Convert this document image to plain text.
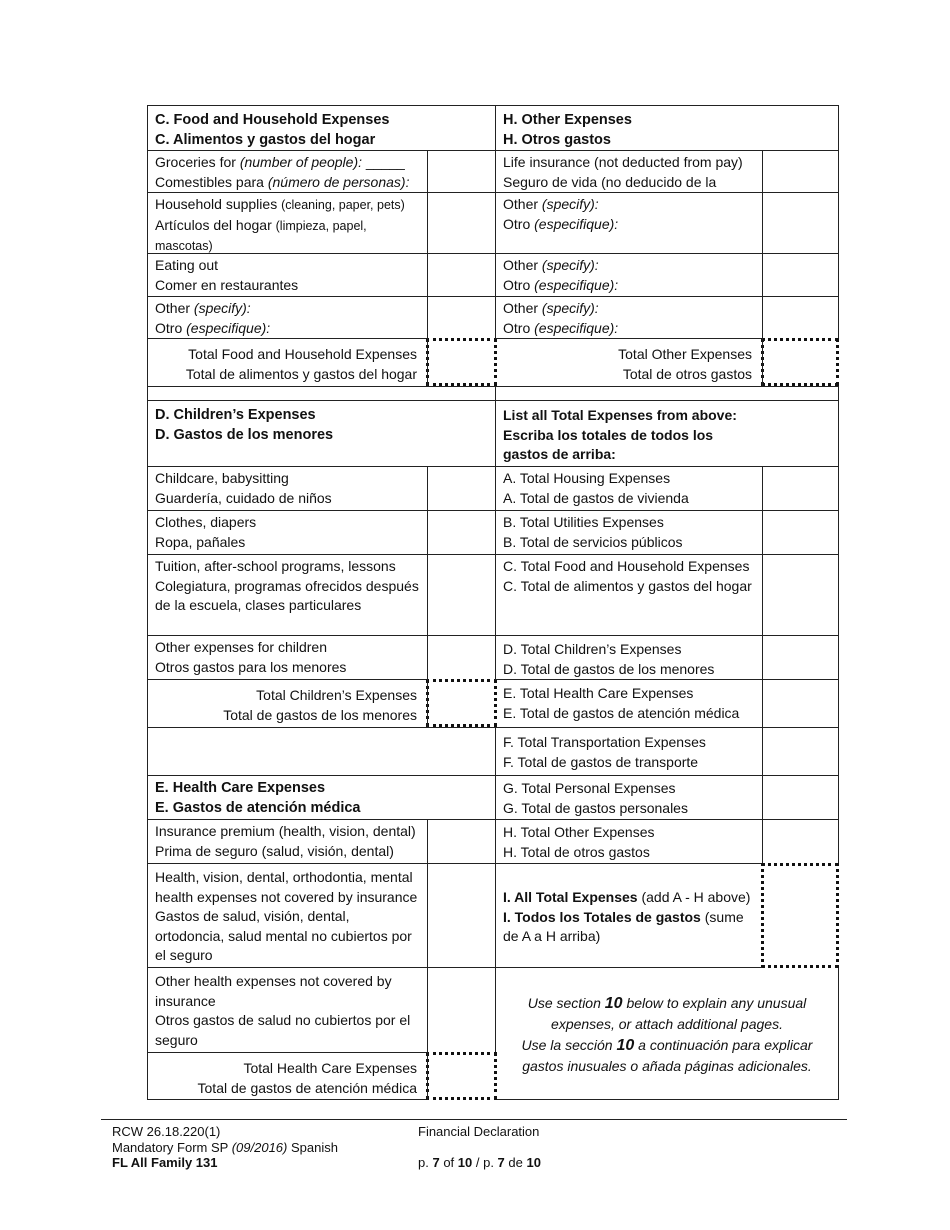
C. Food and Household Expenses
C. Alimentos y gastos del hogar
Groceries for (number of people): _____
Comestibles para (número de personas):
Household supplies (cleaning, paper, pets)
Artículos del hogar (limpieza, papel, mascotas)
Eating out
Comer en restaurantes
Other (specify):
Otro (especifique):
Total Food and Household Expenses
Total de alimentos y gastos del hogar
D. Children’s Expenses
D. Gastos de los menores
Childcare, babysitting
Guardería, cuidado de niños
Clothes, diapers
Ropa, pañales
Tuition, after-school programs, lessons
Colegiatura, programas ofrecidos después de la escuela, clases particulares
Other expenses for children
Otros gastos para los menores
Total Children’s Expenses
Total de gastos de los menores
E. Health Care Expenses
E. Gastos de atención médica
Insurance premium (health, vision, dental)
Prima de seguro (salud, visión, dental)
Health, vision, dental, orthodontia, mental health expenses not covered by insurance
Gastos de salud, visión, dental, ortodoncia, salud mental no cubiertos por el seguro
Other health expenses not covered by insurance
Otros gastos de salud no cubiertos por el seguro
Total Health Care Expenses
Total de gastos de atención médica
H. Other Expenses
H. Otros gastos
Life insurance (not deducted from pay)
Seguro de vida (no deducido de la
Other (specify):
Otro (especifique):
Other (specify):
Otro (especifique):
Other (specify):
Otro (especifique):
Total Other Expenses
Total de otros gastos
List all Total Expenses from above:
Escriba los totales de todos los gastos de arriba:
A. Total Housing Expenses
A. Total de gastos de vivienda
B. Total Utilities Expenses
B. Total de servicios públicos
C. Total Food and Household Expenses
C. Total de alimentos y gastos del hogar
D. Total Children’s Expenses
D. Total de gastos de los menores
E. Total Health Care Expenses
E. Total de gastos de atención médica
F. Total Transportation Expenses
F. Total de gastos de transporte
G. Total Personal Expenses
G. Total de gastos personales
H. Total Other Expenses
H. Total de otros gastos
I. All Total Expenses (add A - H above)
I. Todos los Totales de gastos (sume de A a H arriba)
Use section 10 below to explain any unusual expenses, or attach additional pages.
Use la sección 10 a continuación para explicar gastos inusuales o añada páginas adicionales.
RCW 26.18.220(1)
Mandatory Form SP (09/2016) Spanish
FL All Family 131
Financial Declaration
p. 7 of 10 / p. 7 de 10
